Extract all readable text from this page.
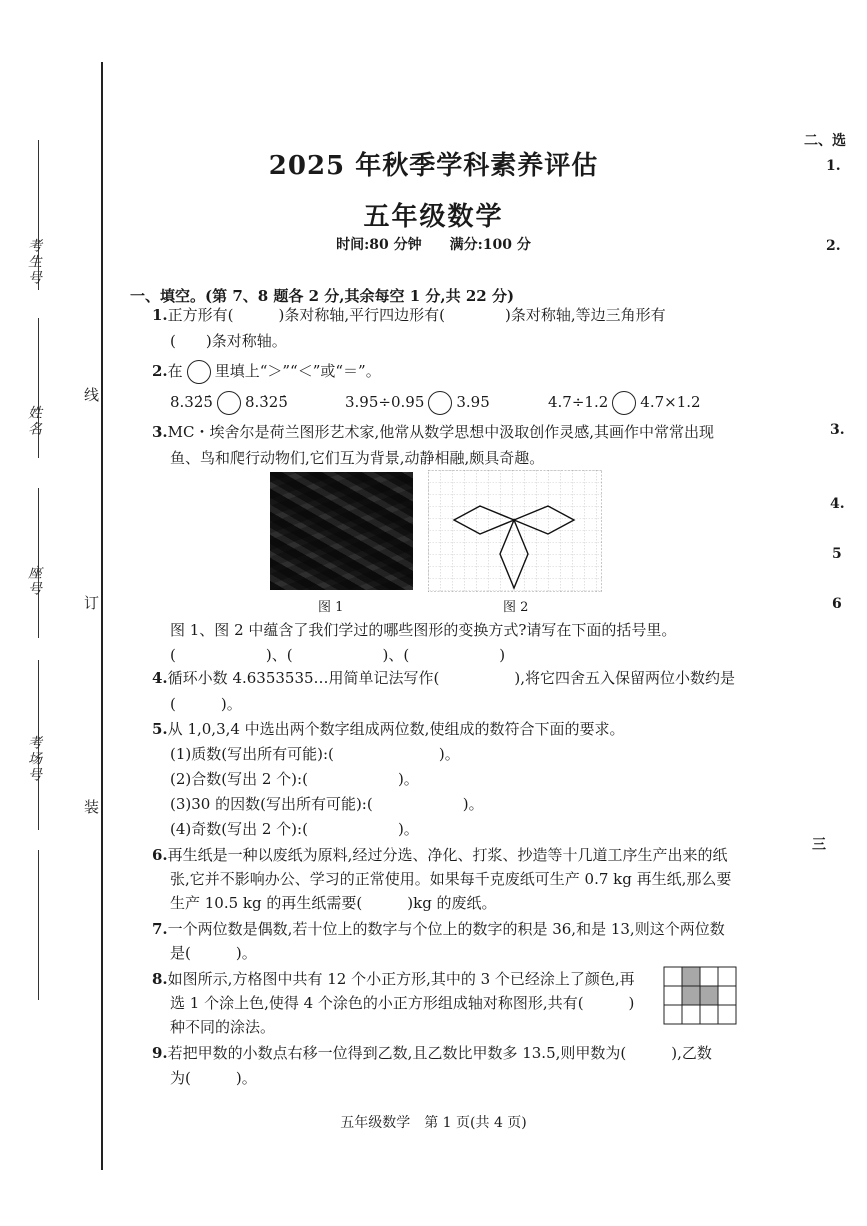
考生号
姓名
座号
考场号
线
订
装
2025 年秋季学科素养评估
五年级数学
时间:80 分钟　　满分:100 分
一、填空。(第 7、8 题各 2 分,其余每空 1 分,共 22 分)
1.正方形有(　　　)条对称轴,平行四边形有(　　　　)条对称轴,等边三角形有
(　　)条对称轴。
2.在 里填上“＞”“＜”或“＝”。
8.32̇5̇ 8.3̇25̇	3.95÷0.95 3.95	4.7÷1.2 4.7×1.2
3.MC・埃舍尔是荷兰图形艺术家,他常从数学思想中汲取创作灵感,其画作中常常出现
鱼、鸟和爬行动物们,它们互为背景,动静相融,颇具奇趣。
图 1	图 2
图 1、图 2 中蕴含了我们学过的哪些图形的变换方式?请写在下面的括号里。
(　　　　　　)、(　　　　　　)、(　　　　　　)
4.循环小数 4.6353535…用简单记法写作(　　　　　),将它四舍五入保留两位小数约是
(　　　)。
5.从 1,0,3,4 中选出两个数字组成两位数,使组成的数符合下面的要求。
(1)质数(写出所有可能):(　　　　　　　)。
(2)合数(写出 2 个):(　　　　　　)。
(3)30 的因数(写出所有可能):(　　　　　　)。
(4)奇数(写出 2 个):(　　　　　　)。
6.再生纸是一种以废纸为原料,经过分选、净化、打浆、抄造等十几道工序生产出来的纸
张,它并不影响办公、学习的正常使用。如果每千克废纸可生产 0.7 kg 再生纸,那么要
生产 10.5 kg 的再生纸需要(　　　)kg 的废纸。
7.一个两位数是偶数,若十位上的数字与个位上的数字的积是 36,和是 13,则这个两位数
是(　　　)。
8.如图所示,方格图中共有 12 个小正方形,其中的 3 个已经涂上了颜色,再
选 1 个涂上色,使得 4 个涂色的小正方形组成轴对称图形,共有(　　　)
种不同的涂法。
9.若把甲数的小数点右移一位得到乙数,且乙数比甲数多 13.5,则甲数为(　　　),乙数
为(　　　)。
二、选
1.
2.
3.
4.
5
6
三
五年级数学　第 1 页(共 4 页)
